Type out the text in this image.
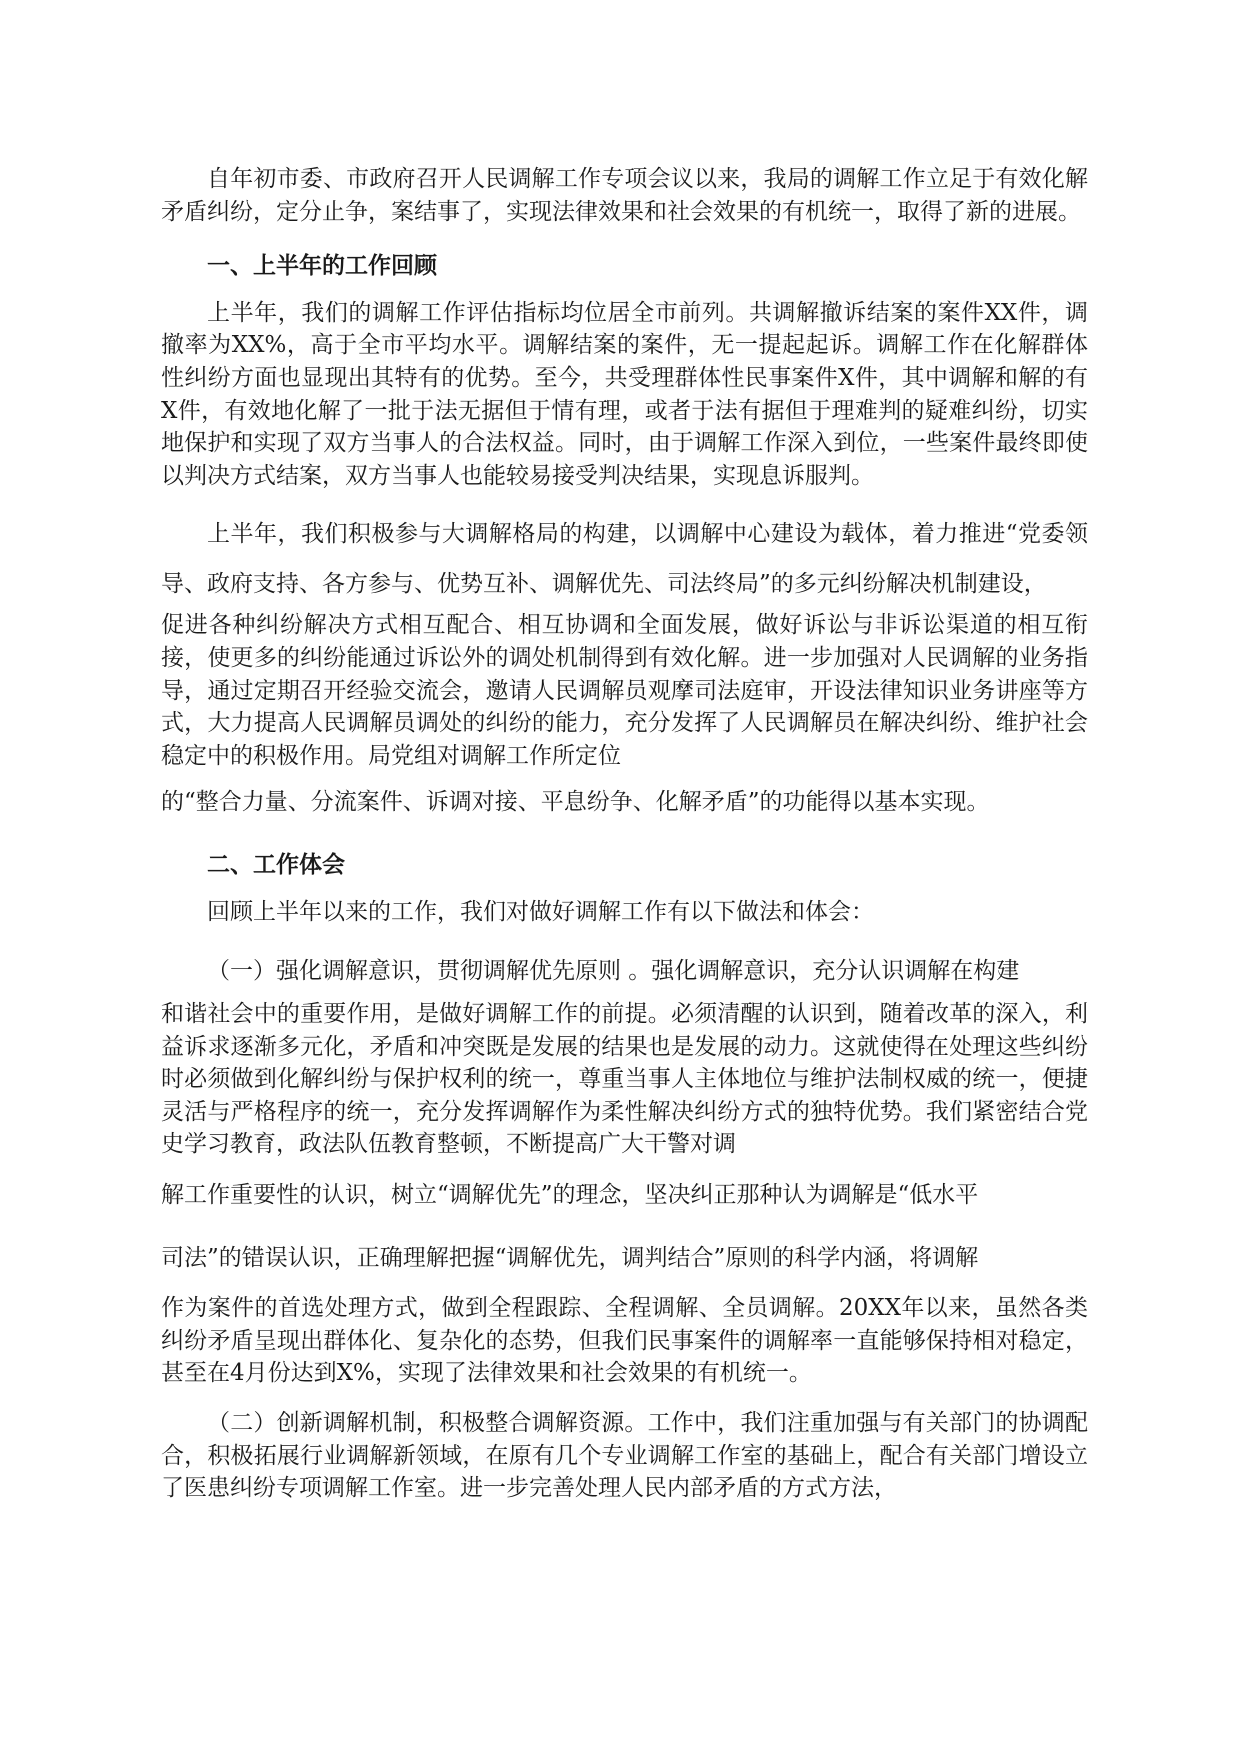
自年初市委、市政府召开人民调解工作专项会议以来，我局的调解工作立足于有效化解矛盾纠纷，定分止争，案结事了，实现法律效果和社会效果的有机统一，取得了新的进展。

一、上半年的工作回顾

上半年，我们的调解工作评估指标均位居全市前列。共调解撤诉结案的案件XX件，调撤率为XX%，高于全市平均水平。调解结案的案件，无一提起起诉。调解工作在化解群体性纠纷方面也显现出其特有的优势。至今，共受理群体性民事案件X件，其中调解和解的有X件，有效地化解了一批于法无据但于情有理，或者于法有据但于理难判的疑难纠纷，切实地保护和实现了双方当事人的合法权益。同时，由于调解工作深入到位，一些案件最终即使以判决方式结案，双方当事人也能较易接受判决结果，实现息诉服判。

上半年，我们积极参与大调解格局的构建，以调解中心建设为载体，着力推进“党委领导、政府支持、各方参与、优势互补、调解优先、司法终局”的多元纠纷解决机制建设，

促进各种纠纷解决方式相互配合、相互协调和全面发展，做好诉讼与非诉讼渠道的相互衔接，使更多的纠纷能通过诉讼外的调处机制得到有效化解。进一步加强对人民调解的业务指导，通过定期召开经验交流会，邀请人民调解员观摩司法庭审，开设法律知识业务讲座等方式，大力提高人民调解员调处的纠纷的能力，充分发挥了人民调解员在解决纠纷、维护社会稳定中的积极作用。局党组对调解工作所定位

的“整合力量、分流案件、诉调对接、平息纷争、化解矛盾”的功能得以基本实现。

二、工作体会

回顾上半年以来的工作，我们对做好调解工作有以下做法和体会：

（一）强化调解意识，贯彻调解优先原则 。强化调解意识，充分认识调解在构建

和谐社会中的重要作用，是做好调解工作的前提。必须清醒的认识到，随着改革的深入，利益诉求逐渐多元化，矛盾和冲突既是发展的结果也是发展的动力。这就使得在处理这些纠纷时必须做到化解纠纷与保护权利的统一，尊重当事人主体地位与维护法制权威的统一，便捷灵活与严格程序的统一，充分发挥调解作为柔性解决纠纷方式的独特优势。我们紧密结合党史学习教育，政法队伍教育整顿，不断提高广大干警对调

解工作重要性的认识，树立“调解优先”的理念，坚决纠正那种认为调解是“低水平

司法”的错误认识，正确理解把握“调解优先，调判结合”原则的科学内涵，将调解

作为案件的首选处理方式，做到全程跟踪、全程调解、全员调解。20XX年以来，虽然各类纠纷矛盾呈现出群体化、复杂化的态势，但我们民事案件的调解率一直能够保持相对稳定，甚至在4月份达到X%，实现了法律效果和社会效果的有机统一。

（二）创新调解机制，积极整合调解资源。工作中，我们注重加强与有关部门的协调配合，积极拓展行业调解新领域，在原有几个专业调解工作室的基础上，配合有关部门增设立了医患纠纷专项调解工作室。进一步完善处理人民内部矛盾的方式方法，
